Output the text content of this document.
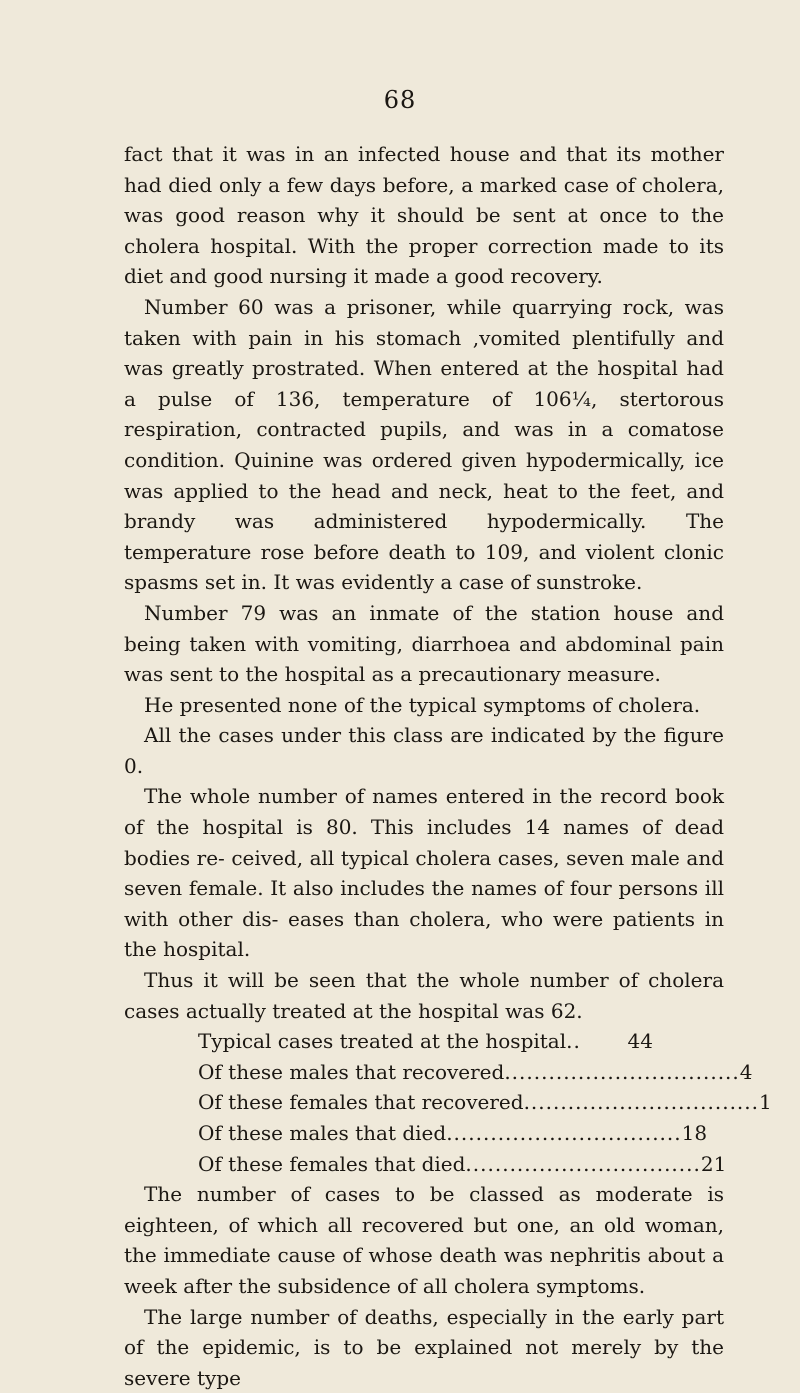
68

fact that it was in an infected house and that its mother had died only a few days before, a marked case of cholera, was good reason why it should be sent at once to the cholera hospital. With the proper correction made to its diet and good nursing it made a good recovery.

Number 60 was a prisoner, while quarrying rock, was taken with pain in his stomach ,vomited plentifully and was greatly prostrated. When entered at the hospital had a pulse of 136, temperature of 106¼, stertorous respiration, contracted pupils, and was in a comatose condition. Quinine was ordered given hypodermically, ice was applied to the head and neck, heat to the feet, and brandy was administered hypodermically. The temperature rose before death to 109, and violent clonic spasms set in. It was evidently a case of sunstroke.

Number 79 was an inmate of the station house and being taken with vomiting, diarrhoea and abdominal pain was sent to the hospital as a precautionary measure.

He presented none of the typical symptoms of cholera.

All the cases under this class are indicated by the figure 0.

The whole number of names entered in the record book of the hospital is 80. This includes 14 names of dead bodies re- ceived, all typical cholera cases, seven male and seven female. It also includes the names of four persons ill with other dis- eases than cholera, who were patients in the hospital.

Thus it will be seen that the whole number of cholera cases actually treated at the hospital was 62.

Typical cases treated at the hospital ..	44
Of these males that recovered ................................ 4
Of these females that recovered ................................ 1
Of these males that died ................................ 18
Of these females that died ................................ 21

The number of cases to be classed as moderate is eighteen, of which all recovered but one, an old woman, the immediate cause of whose death was nephritis about a week after the subsidence of all cholera symptoms.

The large number of deaths, especially in the early part of the epidemic, is to be explained not merely by the severe type
